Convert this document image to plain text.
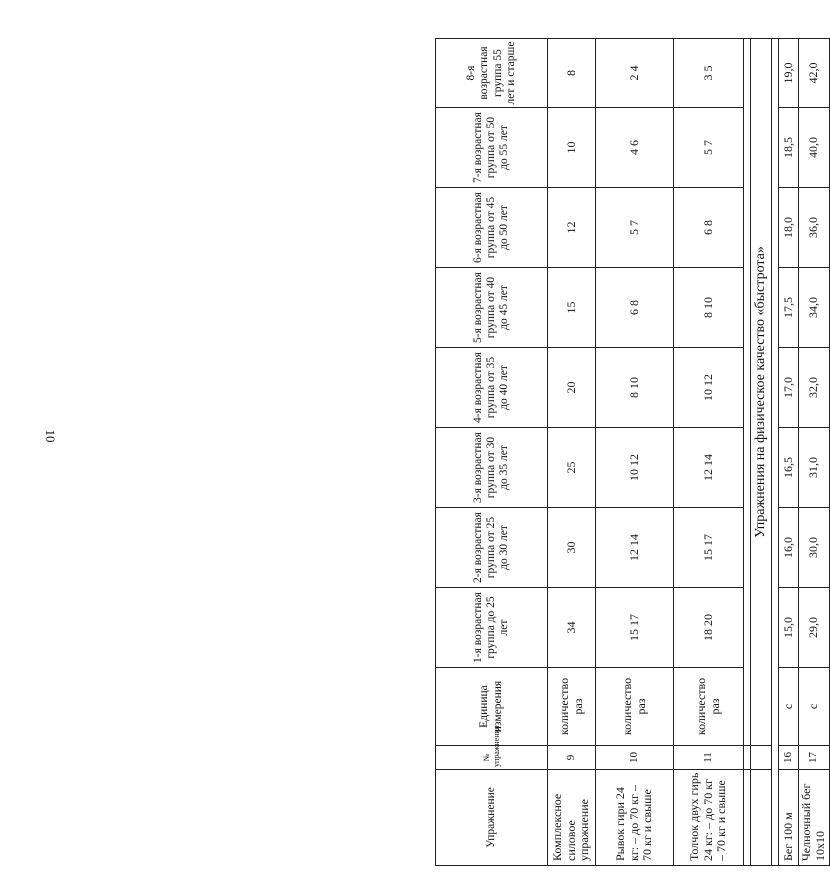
10
Упражнение	№ упражнения	Единица измерения	1-я возрастная группа до 25 лет	2-я возрастная группа от 25 до 30 лет	3-я возрастная группа от 30 до 35 лет	4-я возрастная группа от 35 до 40 лет	5-я возрастная группа от 40 до 45 лет	6-я возрастная группа от 45 до 50 лет	7-я возрастная группа от 50 до 55 лет	8-я возрастная группа 55 лет и старше
Комплексное силовое упражнение	9	количество раз	34	30	25	20	15	12	10	8
Рывок гири 24 кг: – до 70 кг – 70 кг и свыше	10	количество раз	15 17	12 14	10 12	8 10	6 8	5 7	4 6	2 4
Толчок двух гирь 24 кг: – до 70 кг – 70 кг и свыше	11	количество раз	18 20	15 17	12 14	10 12	8 10	6 8	5 7	3 5

		Упражнения на физическое качество «быстрота»								

Бег 100 м	16	с	15,0	16,0	16,5	17,0	17,5	18,0	18,5	19,0
Челночный бег 10х10	17	с	29,0	30,0	31,0	32,0	34,0	36,0	40,0	42,0
